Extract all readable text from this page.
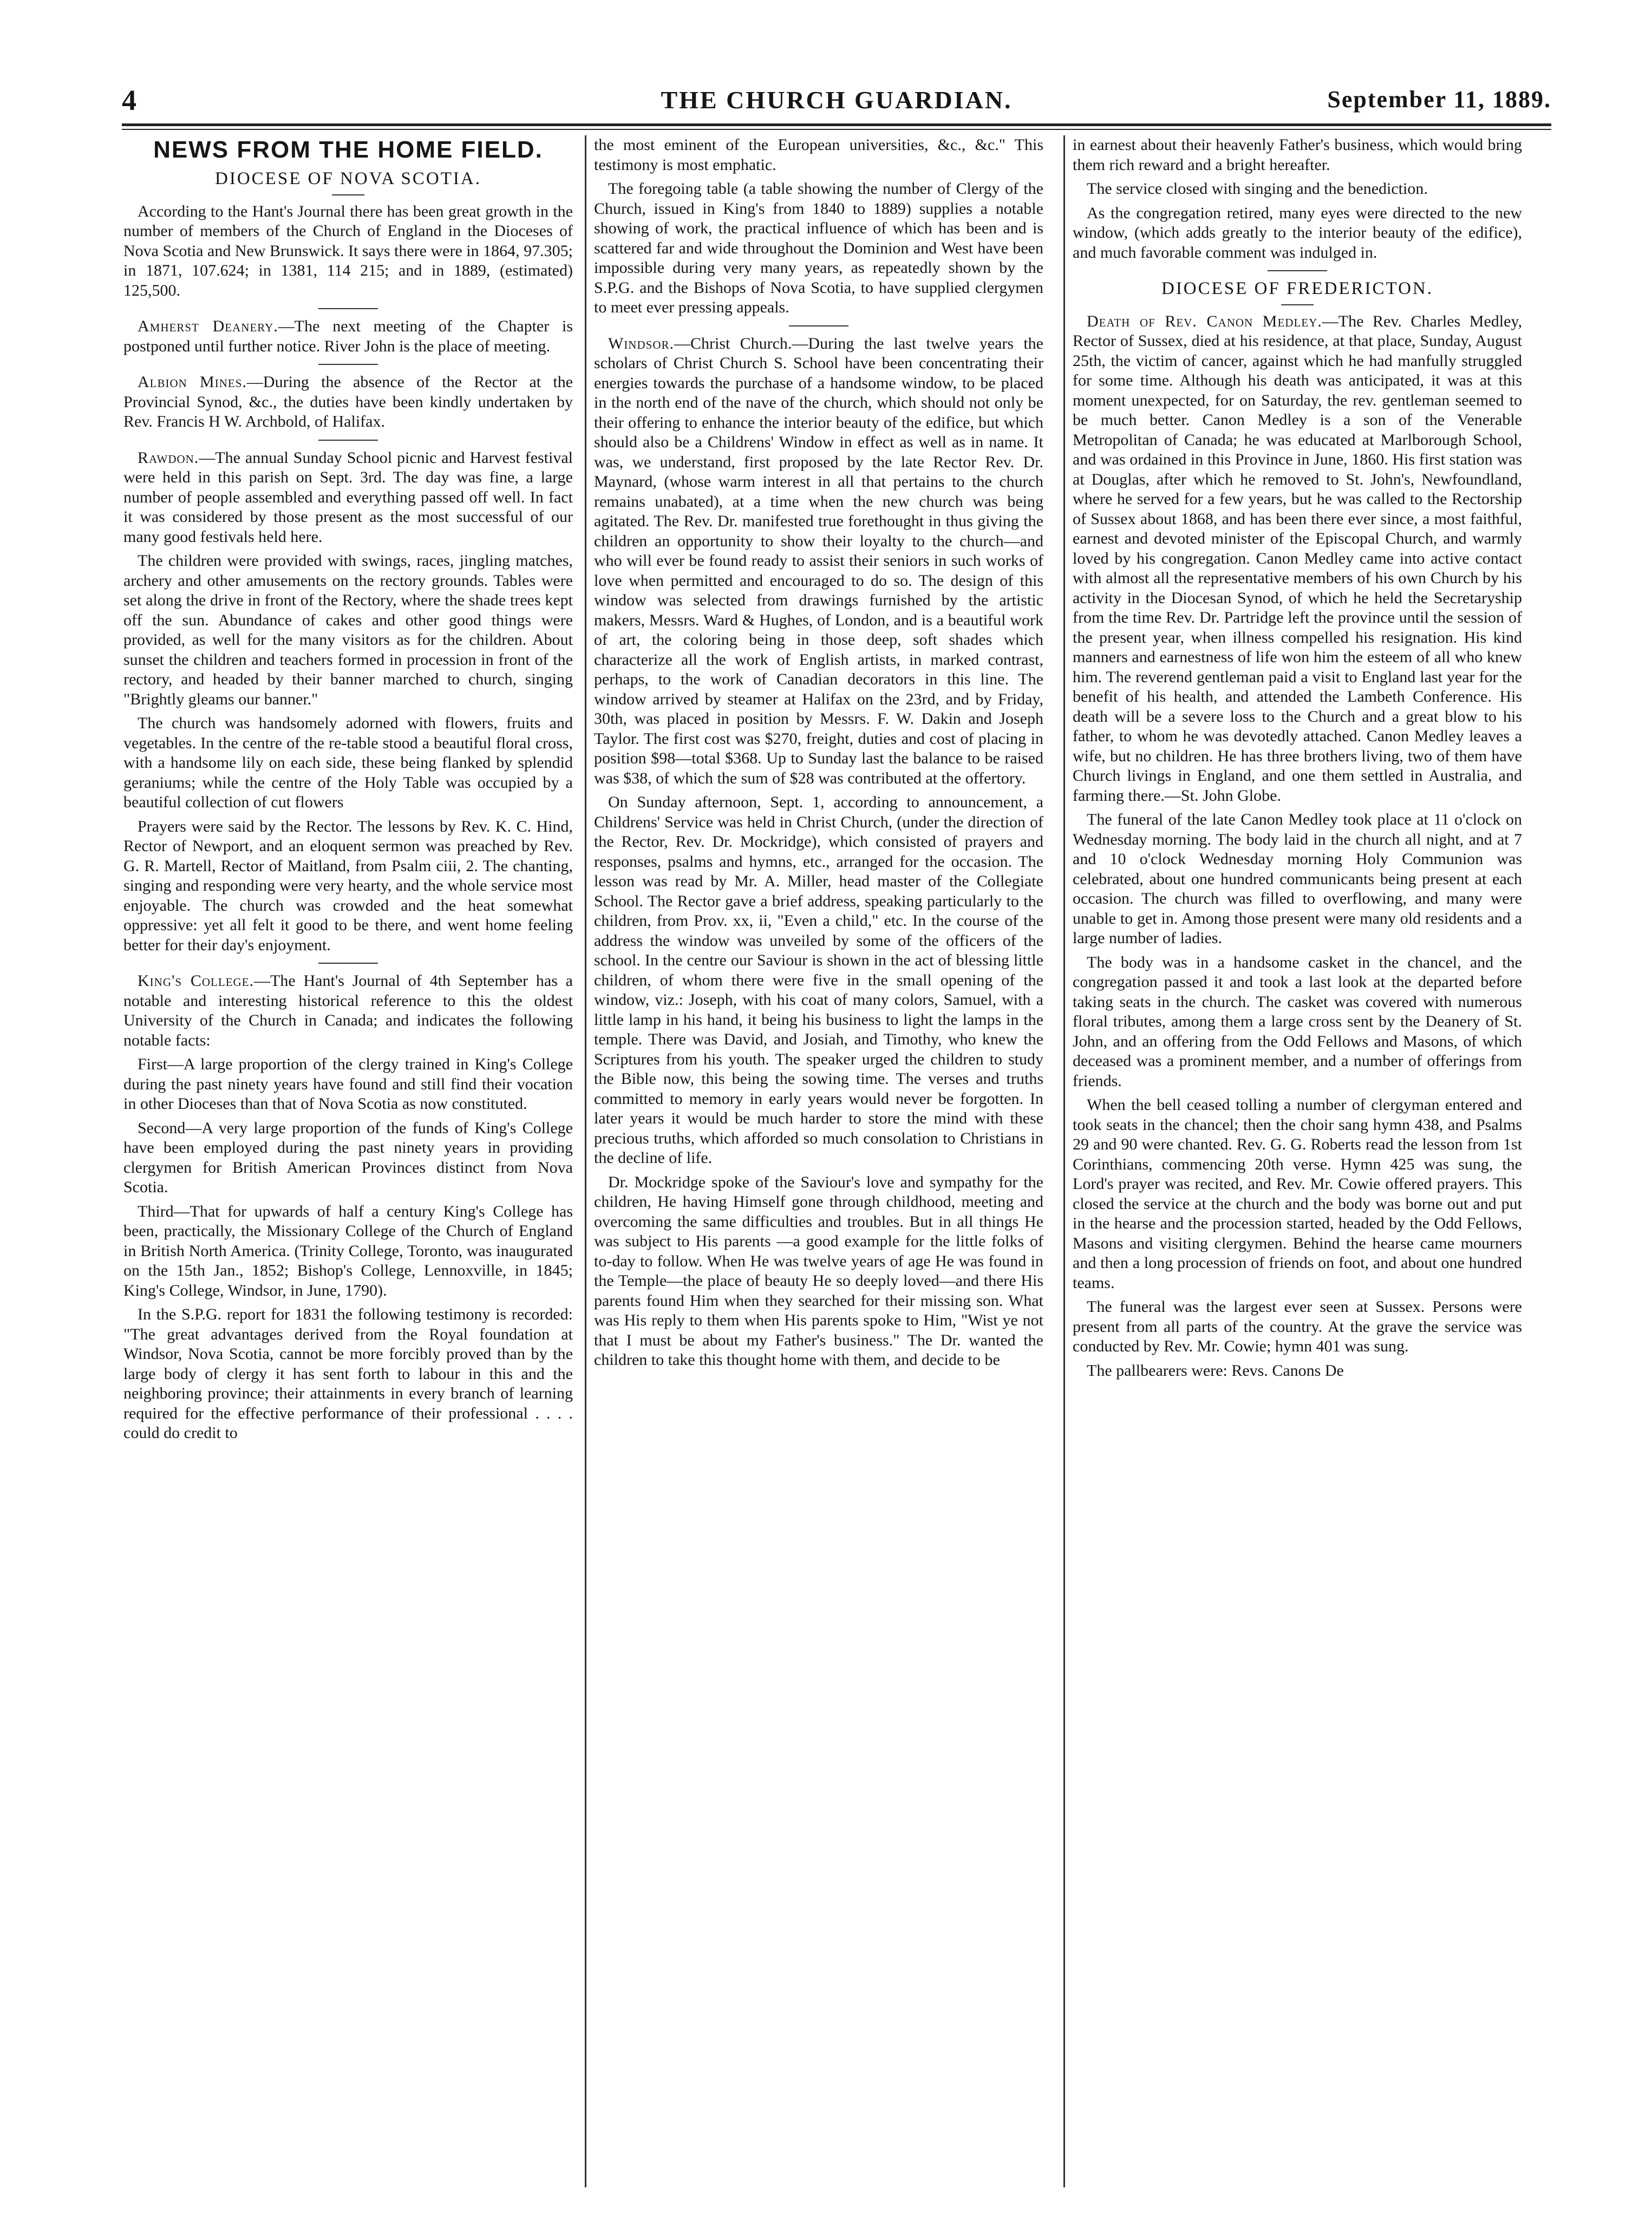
4	THE CHURCH GUARDIAN.	September 11, 1889.
NEWS FROM THE HOME FIELD.
DIOCESE OF NOVA SCOTIA.

According to the Hant's Journal there has been great growth in the number of members of the Church of England in the Dioceses of Nova Scotia and New Brunswick. It says there were in 1864, 97.305; in 1871, 107.624; in 1381, 114 215; and in 1889, (estimated) 125,500.

Amherst Deanery.—The next meeting of the Chapter is postponed until further notice. River John is the place of meeting.

Albion Mines.—During the absence of the Rector at the Provincial Synod, &c., the duties have been kindly undertaken by Rev. Francis H W. Archbold, of Halifax.

Rawdon.—The annual Sunday School picnic and Harvest festival were held in this parish on Sept. 3rd. The day was fine, a large number of people assembled and everything passed off well. In fact it was considered by those present as the most successful of our many good festivals held here.

The children were provided with swings, races, jingling matches, archery and other amusements on the rectory grounds. Tables were set along the drive in front of the Rectory, where the shade trees kept off the sun. Abundance of cakes and other good things were provided, as well for the many visitors as for the children. About sunset the children and teachers formed in procession in front of the rectory, and headed by their banner marched to church, singing "Brightly gleams our banner."

The church was handsomely adorned with flowers, fruits and vegetables. In the centre of the re-table stood a beautiful floral cross, with a handsome lily on each side, these being flanked by splendid geraniums; while the centre of the Holy Table was occupied by a beautiful collection of cut flowers

Prayers were said by the Rector. The lessons by Rev. K. C. Hind, Rector of Newport, and an eloquent sermon was preached by Rev. G. R. Martell, Rector of Maitland, from Psalm ciii, 2. The chanting, singing and responding were very hearty, and the whole service most enjoyable. The church was crowded and the heat somewhat oppressive: yet all felt it good to be there, and went home feeling better for their day's enjoyment.

King's College.—The Hant's Journal of 4th September has a notable and interesting historical reference to this the oldest University of the Church in Canada; and indicates the following notable facts:

First—A large proportion of the clergy trained in King's College during the past ninety years have found and still find their vocation in other Dioceses than that of Nova Scotia as now constituted.

Second—A very large proportion of the funds of King's College have been employed during the past ninety years in providing clergymen for British American Provinces distinct from Nova Scotia.

Third—That for upwards of half a century King's College has been, practically, the Missionary College of the Church of England in British North America. (Trinity College, Toronto, was inaugurated on the 15th Jan., 1852; Bishop's College, Lennoxville, in 1845; King's College, Windsor, in June, 1790).

In the S.P.G. report for 1831 the following testimony is recorded: "The great advantages derived from the Royal foundation at Windsor, Nova Scotia, cannot be more forcibly proved than by the large body of clergy it has sent forth to labour in this and the neighboring province; their attainments in every branch of learning required for the effective performance of their professional . . . . could do credit to

the most eminent of the European universities, &c., &c." This testimony is most emphatic.

The foregoing table (a table showing the number of Clergy of the Church, issued in King's from 1840 to 1889) supplies a notable showing of work, the practical influence of which has been and is scattered far and wide throughout the Dominion and West have been impossible during very many years, as repeatedly shown by the S.P.G. and the Bishops of Nova Scotia, to have supplied clergymen to meet ever pressing appeals.

Windsor.—Christ Church.—During the last twelve years the scholars of Christ Church S. School have been concentrating their energies towards the purchase of a handsome window, to be placed in the north end of the nave of the church, which should not only be their offering to enhance the interior beauty of the edifice, but which should also be a Childrens' Window in effect as well as in name. It was, we understand, first proposed by the late Rector Rev. Dr. Maynard, (whose warm interest in all that pertains to the church remains unabated), at a time when the new church was being agitated. The Rev. Dr. manifested true forethought in thus giving the children an opportunity to show their loyalty to the church—and who will ever be found ready to assist their seniors in such works of love when permitted and encouraged to do so. The design of this window was selected from drawings furnished by the artistic makers, Messrs. Ward & Hughes, of London, and is a beautiful work of art, the coloring being in those deep, soft shades which characterize all the work of English artists, in marked contrast, perhaps, to the work of Canadian decorators in this line. The window arrived by steamer at Halifax on the 23rd, and by Friday, 30th, was placed in position by Messrs. F. W. Dakin and Joseph Taylor. The first cost was $270, freight, duties and cost of placing in position $98—total $368. Up to Sunday last the balance to be raised was $38, of which the sum of $28 was contributed at the offertory.

On Sunday afternoon, Sept. 1, according to announcement, a Childrens' Service was held in Christ Church, (under the direction of the Rector, Rev. Dr. Mockridge), which consisted of prayers and responses, psalms and hymns, etc., arranged for the occasion. The lesson was read by Mr. A. Miller, head master of the Collegiate School. The Rector gave a brief address, speaking particularly to the children, from Prov. xx, ii, "Even a child," etc. In the course of the address the window was unveiled by some of the officers of the school. In the centre our Saviour is shown in the act of blessing little children, of whom there were five in the small opening of the window, viz.: Joseph, with his coat of many colors, Samuel, with a little lamp in his hand, it being his business to light the lamps in the temple. There was David, and Josiah, and Timothy, who knew the Scriptures from his youth. The speaker urged the children to study the Bible now, this being the sowing time. The verses and truths committed to memory in early years would never be forgotten. In later years it would be much harder to store the mind with these precious truths, which afforded so much consolation to Christians in the decline of life.

Dr. Mockridge spoke of the Saviour's love and sympathy for the children, He having Himself gone through childhood, meeting and overcoming the same difficulties and troubles. But in all things He was subject to His parents —a good example for the little folks of to-day to follow. When He was twelve years of age He was found in the Temple—the place of beauty He so deeply loved—and there His parents found Him when they searched for their missing son. What was His reply to them when His parents spoke to Him, "Wist ye not that I must be about my Father's business." The Dr. wanted the children to take this thought home with them, and decide to be

in earnest about their heavenly Father's business, which would bring them rich reward and a bright hereafter.

The service closed with singing and the benediction.

As the congregation retired, many eyes were directed to the new window, (which adds greatly to the interior beauty of the edifice), and much favorable comment was indulged in.

DIOCESE OF FREDERICTON.

Death of Rev. Canon Medley.—The Rev. Charles Medley, Rector of Sussex, died at his residence, at that place, Sunday, August 25th, the victim of cancer, against which he had manfully struggled for some time. Although his death was anticipated, it was at this moment unexpected, for on Saturday, the rev. gentleman seemed to be much better. Canon Medley is a son of the Venerable Metropolitan of Canada; he was educated at Marlborough School, and was ordained in this Province in June, 1860. His first station was at Douglas, after which he removed to St. John's, Newfoundland, where he served for a few years, but he was called to the Rectorship of Sussex about 1868, and has been there ever since, a most faithful, earnest and devoted minister of the Episcopal Church, and warmly loved by his congregation. Canon Medley came into active contact with almost all the representative members of his own Church by his activity in the Diocesan Synod, of which he held the Secretaryship from the time Rev. Dr. Partridge left the province until the session of the present year, when illness compelled his resignation. His kind manners and earnestness of life won him the esteem of all who knew him. The reverend gentleman paid a visit to England last year for the benefit of his health, and attended the Lambeth Conference. His death will be a severe loss to the Church and a great blow to his father, to whom he was devotedly attached. Canon Medley leaves a wife, but no children. He has three brothers living, two of them have Church livings in England, and one them settled in Australia, and farming there.—St. John Globe.

The funeral of the late Canon Medley took place at 11 o'clock on Wednesday morning. The body laid in the church all night, and at 7 and 10 o'clock Wednesday morning Holy Communion was celebrated, about one hundred communicants being present at each occasion. The church was filled to overflowing, and many were unable to get in. Among those present were many old residents and a large number of ladies.

The body was in a handsome casket in the chancel, and the congregation passed it and took a last look at the departed before taking seats in the church. The casket was covered with numerous floral tributes, among them a large cross sent by the Deanery of St. John, and an offering from the Odd Fellows and Masons, of which deceased was a prominent member, and a number of offerings from friends.

When the bell ceased tolling a number of clergyman entered and took seats in the chancel; then the choir sang hymn 438, and Psalms 29 and 90 were chanted. Rev. G. G. Roberts read the lesson from 1st Corinthians, commencing 20th verse. Hymn 425 was sung, the Lord's prayer was recited, and Rev. Mr. Cowie offered prayers. This closed the service at the church and the body was borne out and put in the hearse and the procession started, headed by the Odd Fellows, Masons and visiting clergymen. Behind the hearse came mourners and then a long procession of friends on foot, and about one hundred teams.

The funeral was the largest ever seen at Sussex. Persons were present from all parts of the country. At the grave the service was conducted by Rev. Mr. Cowie; hymn 401 was sung.

The pallbearers were: Revs. Canons De
